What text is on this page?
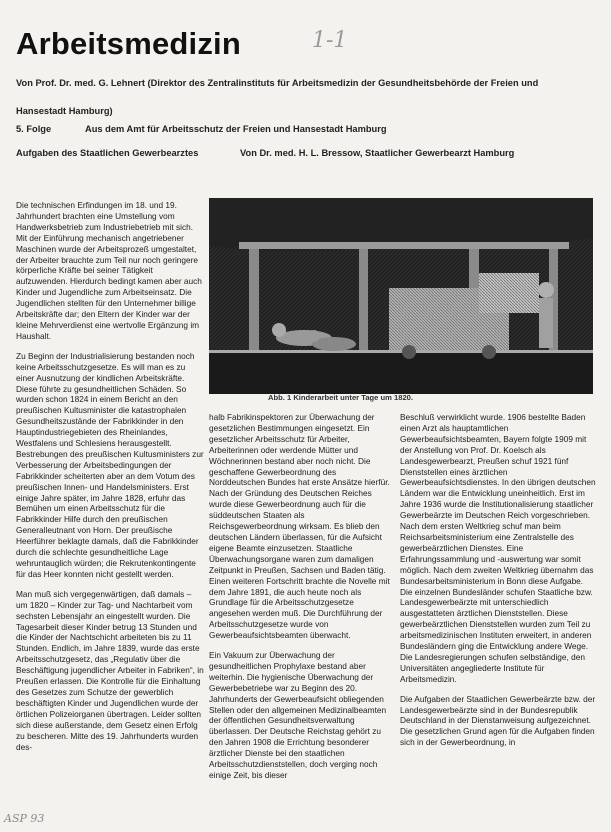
Arbeitsmedizin	1-1
Von Prof. Dr. med. G. Lehnert (Direktor des Zentralinstituts für Arbeitsmedizin der Gesundheitsbehörde der Freien und
Hansestadt Hamburg)
5. Folge	Aus dem Amt für Arbeitsschutz der Freien und Hansestadt Hamburg
Aufgaben des Staatlichen Gewerbearztes	Von Dr. med. H. L. Bressow, Staatlicher Gewerbearzt Hamburg
Abb. 1 Kinderarbeit unter Tage um 1820.

Die technischen Erfindungen im 18. und 19. Jahrhundert brachten eine Umstellung vom Handwerksbetrieb zum Industriebetrieb mit sich. Mit der Einführung mechanisch angetriebener Maschinen wurde der Arbeitsprozeß umgestaltet, der Arbeiter brauchte zum Teil nur noch geringere körperliche Kräfte bei seiner Tätigkeit aufzuwenden. Hierdurch bedingt kamen aber auch Kinder und Jugendliche zum Arbeitseinsatz. Die Jugendlichen stellten für den Unternehmer billige Arbeitskräfte dar; den Eltern der Kinder war der kleine Mehrverdienst eine wertvolle Ergänzung im Haushalt.

Zu Beginn der Industrialisierung bestanden noch keine Arbeitsschutzgesetze. Es will man es zu einer Ausnutzung der kindlichen Arbeitskräfte. Diese führte zu gesundheitlichen Schäden. So wurden schon 1824 in einem Bericht an den preußischen Kultusminister die katastrophalen Gesundheitszustände der Fabrikkinder in den Hauptindustriegebieten des Rheinlandes, Westfalens und Schlesiens herausgestellt. Bestrebungen des preußischen Kultusministers zur Verbesserung der Arbeitsbedingungen der Fabrikkinder scheiterten aber an dem Votum des preußischen Innen- und Handelsministers. Erst einige Jahre später, im Jahre 1828, erfuhr das Bemühen um einen Arbeitsschutz für die Fabrikkinder Hilfe durch den preußischen Generalleutnant von Horn. Der preußische Heerführer beklagte damals, daß die Fabrikkinder durch die schlechte gesundheitliche Lage wehruntauglich würden; die Rekrutenkontingente für das Heer konnten nicht gestellt werden.

Man muß sich vergegenwärtigen, daß damals – um 1820 – Kinder zur Tag- und Nachtarbeit vom sechsten Lebensjahr an eingestellt wurden. Die Tagesarbeit dieser Kinder betrug 13 Stunden und die Kinder der Nachtschicht arbeiteten bis zu 11 Stunden. Endlich, im Jahre 1839, wurde das erste Arbeitsschutzgesetz, das „Regulativ über die Beschäftigung jugendlicher Arbeiter in Fabriken“, in Preußen erlassen. Die Kontrolle für die Einhaltung des Gesetzes zum Schutze der gewerblich beschäftigten Kinder und Jugendlichen wurde der örtlichen Polizeiorganen übertragen. Leider sollten sich diese außerstande, dem Gesetz einen Erfolg zu bescheren. Mitte des 19. Jahrhunderts wurden des-

halb Fabrikinspektoren zur Überwachung der gesetzlichen Bestimmungen eingesetzt. Ein gesetzlicher Arbeitsschutz für Arbeiter, Arbeiterinnen oder werdende Mütter und Wöchnerinnen bestand aber noch nicht. Die geschaffene Gewerbeordnung des Norddeutschen Bundes hat erste Ansätze hierfür. Nach der Gründung des Deutschen Reiches wurde diese Gewerbeordnung auch für die süddeutschen Staaten als Reichsgewerbeordnung wirksam. Es blieb den deutschen Ländern überlassen, für die Aufsicht eigene Beamte einzusetzen. Staatliche Überwachungsorgane waren zum damaligen Zeitpunkt in Preußen, Sachsen und Baden tätig. Einen weiteren Fortschritt brachte die Novelle mit dem Jahre 1891, die auch heute noch als Grundlage für die Arbeitsschutzgesetze angesehen werden muß. Die Durchführung der Arbeitsschutzgesetze wurde von Gewerbeaufsichtsbeamten überwacht.

Ein Vakuum zur Überwachung der gesundheitlichen Prophylaxe bestand aber weiterhin. Die hygienische Überwachung der Gewerbebetriebe war zu Beginn des 20. Jahrhunderts der Gewerbeaufsicht obliegenden Stellen oder den allgemeinen Medizinalbeamten der öffentlichen Gesundheitsverwaltung überlassen. Der Deutsche Reichstag gehört zu den Jahren 1908 die Errichtung besonderer ärztlicher Dienste bei den staatlichen Arbeitsschutzdienststellen, doch verging noch einige Zeit, bis dieser

Beschluß verwirklicht wurde. 1906 bestellte Baden einen Arzt als hauptamtlichen Gewerbeaufsichtsbeamten, Bayern folgte 1909 mit der Anstellung von Prof. Dr. Koelsch als Landesgewerbearzt, Preußen schuf 1921 fünf Dienststellen eines ärztlichen Gewerbeaufsichtsdienstes. In den übrigen deutschen Ländern war die Entwicklung uneinheitlich. Erst im Jahre 1936 wurde die Institutionalisierung staatlicher Gewerbeärzte im Deutschen Reich vorgeschrieben. Nach dem ersten Weltkrieg schuf man beim Reichsarbeitsministerium eine Zentralstelle des gewerbeärztlichen Dienstes. Eine Erfahrungssammlung und -auswertung war somit möglich. Nach dem zweiten Weltkrieg übernahm das Bundesarbeitsministerium in Bonn diese Aufgabe. Die einzelnen Bundesländer schufen Staatliche bzw. Landesgewerbeärzte mit unterschiedlich ausgestatteten ärztlichen Dienststellen. Diese gewerbeärztlichen Dienststellen wurden zum Teil zu arbeitsmedizinischen Instituten erweitert, in anderen Bundesländern ging die Entwicklung andere Wege. Die Landesregierungen schufen selbständige, den Universitäten angegliederte Institute für Arbeitsmedizin.

Die Aufgaben der Staatlichen Gewerbeärzte bzw. der Landesgewerbeärzte sind in der Bundesrepublik Deutschland in der Dienstanweisung aufgezeichnet. Die gesetzlichen Grund agen für die Aufgaben finden sich in der Gewerbeordnung, in

ASP 93
